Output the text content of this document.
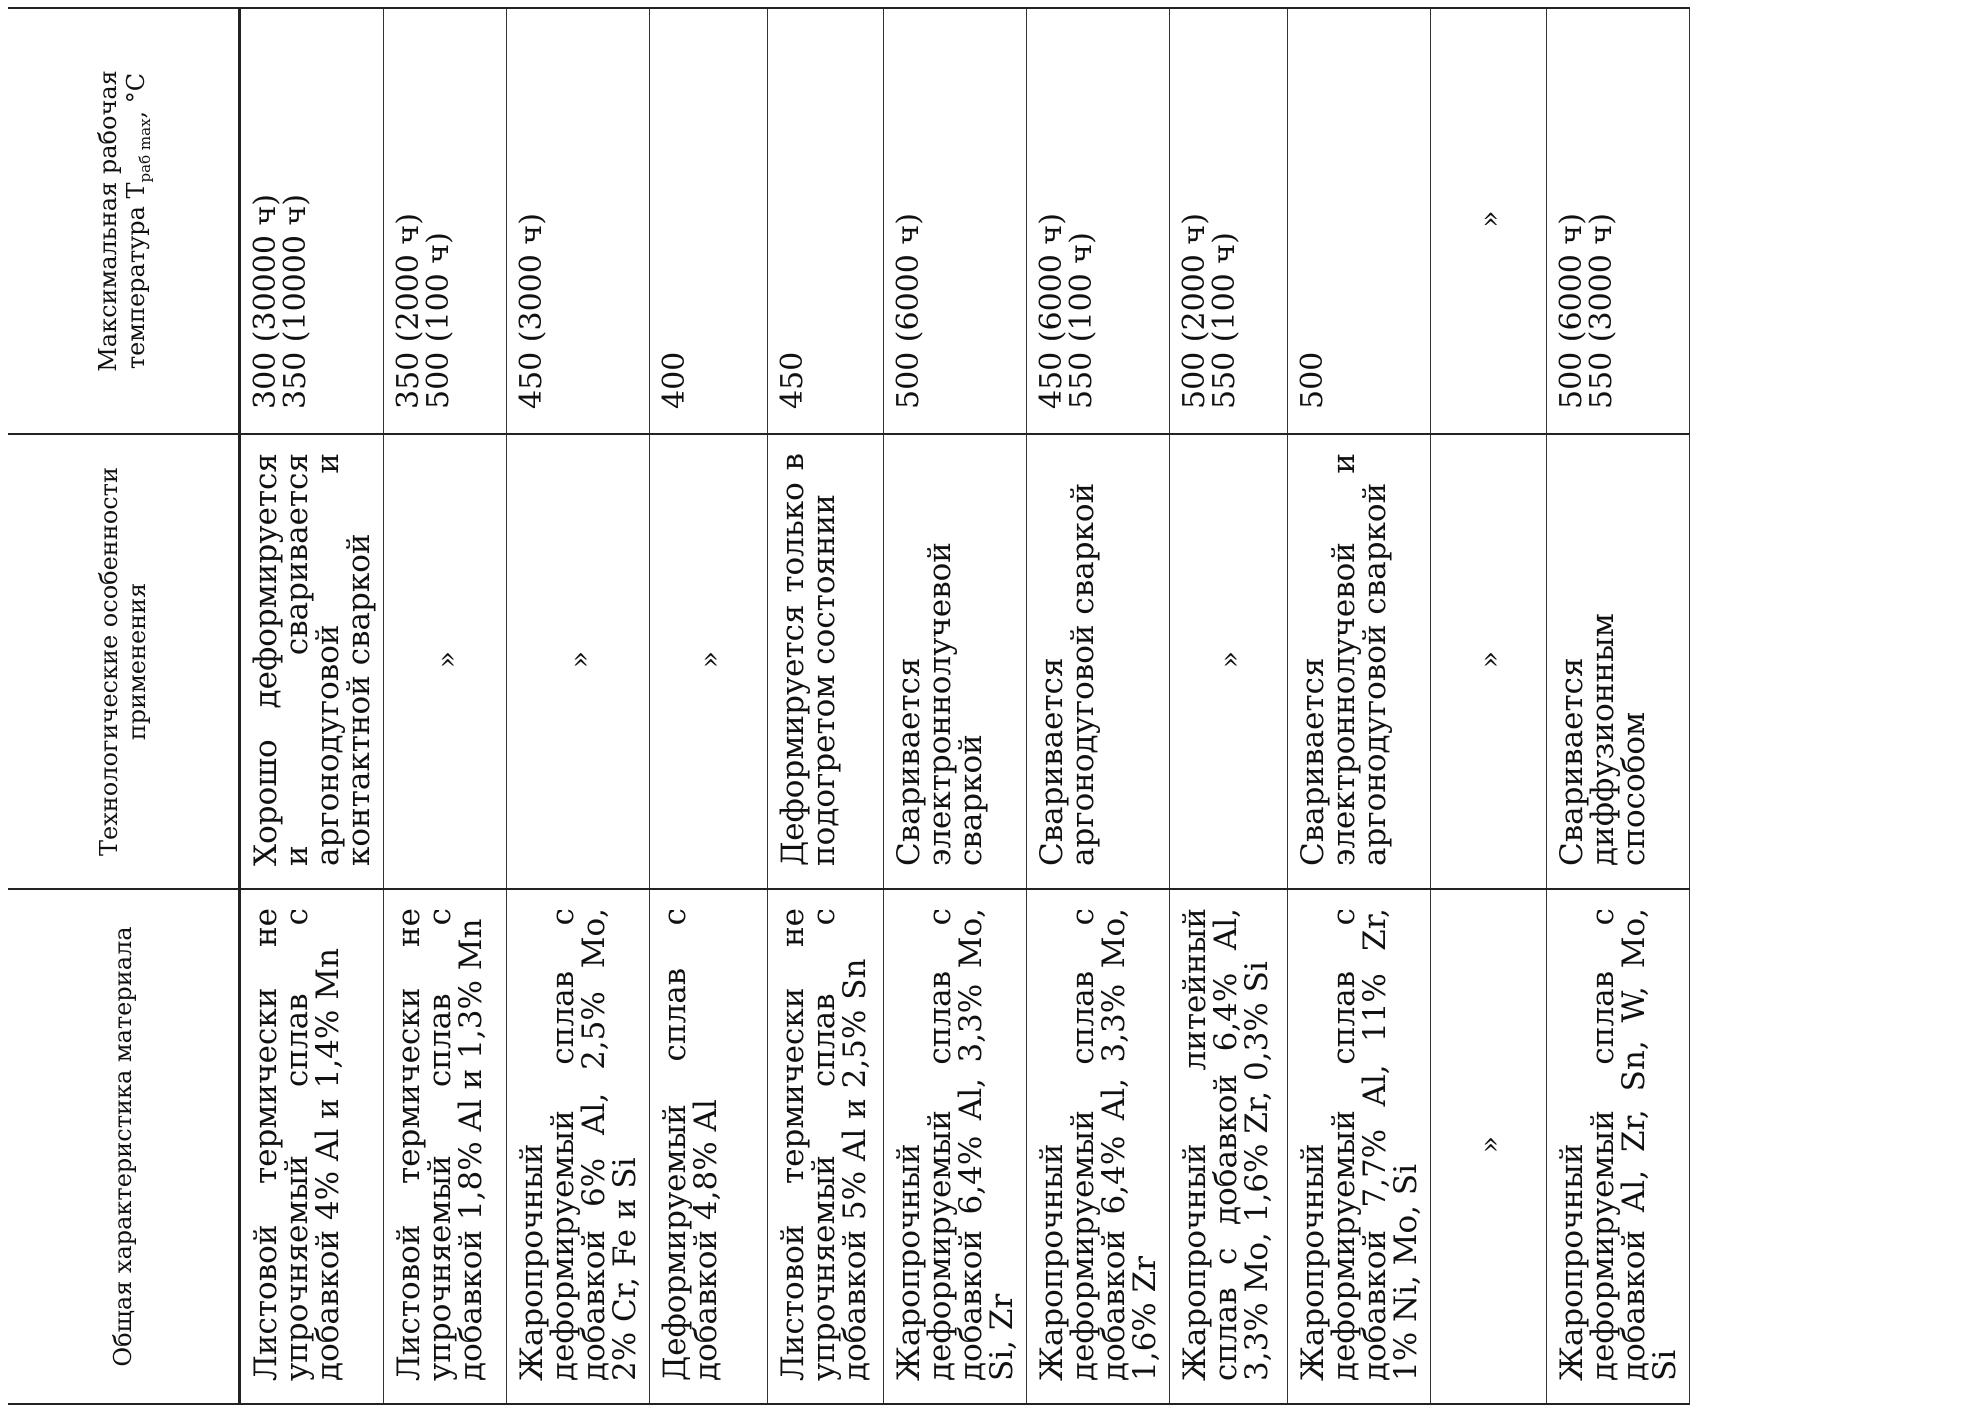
Общая характеристика материала	Технологические особенности применения	Максимальная рабочая температура $T_{раб max}$, °C
Листовой термически не упрочняемый сплав с добавкой 4% Al и 1,4% Mn	Хорошо деформируется и сваривается аргонодуговой и контактной сваркой	300 (30000 ч)
350 (10000 ч)

Листовой термически не упрочняемый сплав с добавкой 1,8% Al и 1,3% Mn	»	350 (2000 ч)
500 (100 ч)

Жаропрочный деформируемый сплав с добавкой 6% Al, 2,5% Mo, 2% Cr, Fe и Si	»	450 (3000 ч)

Деформируемый сплав с добавкой 4,8% Al	»	400

Листовой термически не упрочняемый сплав с добавкой 5% Al и 2,5% Sn	Деформируется только в подогретом состоянии	450

Жаропрочный деформируемый сплав с добавкой 6,4% Al, 3,3% Mo, Si, Zr	Сваривается электроннолучевой сваркой	500 (6000 ч)

Жаропрочный деформируемый сплав с добавкой 6,4% Al, 3,3% Mo, 1,6% Zr	Сваривается аргонодуговой сваркой	450 (6000 ч)
550 (100 ч)

Жаропрочный литейный сплав с добавкой 6,4% Al, 3,3% Mo, 1,6% Zr, 0,3% Si	»	500 (2000 ч)
550 (100 ч)

Жаропрочный деформируемый сплав с добавкой 7,7% Al, 11% Zr, 1% Ni, Mo, Si	Сваривается электроннолучевой и аргонодуговой сваркой	500

»	»	»

Жаропрочный деформируемый сплав с добавкой Al, Zr, Sn, W, Mo, Si	Сваривается диффузионным способом	500 (6000 ч)
550 (3000 ч)
